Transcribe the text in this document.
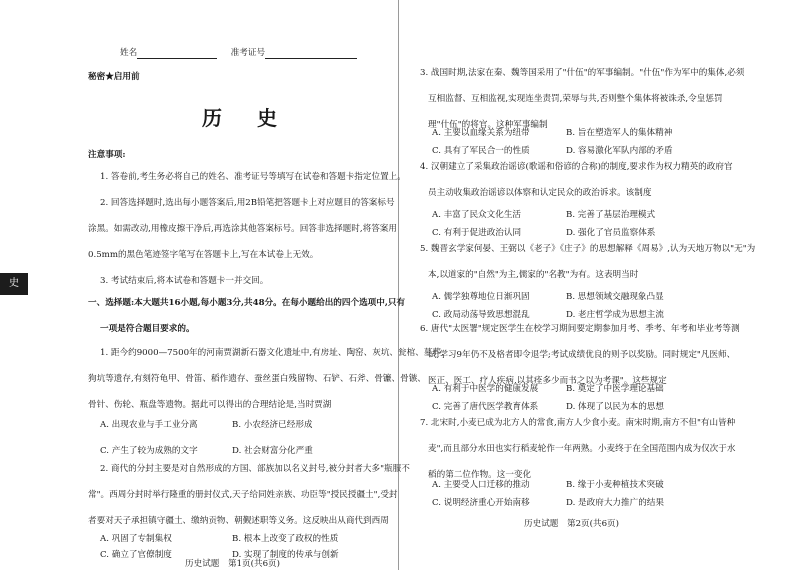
姓名	准考证号
秘密★启用前
历 史
史
注意事项:
1. 答卷前,考生务必将自己的姓名、准考证号等填写在试卷和答题卡指定位置上。
2. 回答选择题时,选出每小题答案后,用2B铅笔把答题卡上对应题目的答案标号
涂黑。如需改动,用橡皮擦干净后,再选涂其他答案标号。回答非选择题时,将答案用
0.5mm的黑色笔迹签字笔写在答题卡上,写在本试卷上无效。
3. 考试结束后,将本试卷和答题卡一并交回。
一、选择题:本大题共16小题,每小题3分,共48分。在每小题给出的四个选项中,只有
一项是符合题目要求的。
1. 距今约9000—7500年的河南贾湖新石器文化遗址中,有房址、陶窑、灰坑、瓮棺、墓葬,
狗坑等遗存,有刻符龟甲、骨笛、稻作遗存、蚕丝蛋白残留物、石铲、石斧、骨镰、骨镞、
骨针、伤轮、瓶盘等遗物。据此可以得出的合理结论是,当时贾湖
A. 出现农业与手工业分离	B. 小农经济已经形成
C. 产生了较为成熟的文字	D. 社会财富分化严重
2. 商代的分封主要是对自然形成的方国、部族加以名义封号,被分封者大多"瓶服不
常"。西周分封时举行隆重的册封仪式,天子给同姓亲族、功臣等"授民授疆土",受封
者要对天子承担镇守疆土、缴纳贡物、朝觐述职等义务。这反映出从商代到西周
A. 巩固了专制集权	B. 根本上改变了政权的性质
C. 确立了官僚制度	D. 实现了制度的传承与创新
历史试题　第1页(共6页)
3. 战国时期,法家在秦、魏等国采用了"什伍"的军事编制。"什伍"作为军中的集体,必须
互相监督、互相监视,实现连坐责罚,荣辱与共,否则整个集体将被诛杀,令皇惩罚
理"什伍"的将官。这种军事编制
A. 主要以血缘关系为纽带	B. 旨在塑造军人的集体精神
C. 具有了军民合一的性质	D. 容易激化军队内部的矛盾
4. 汉朝建立了采集政治谣谚(歌谣和俗谚的合称)的制度,要求作为权力精英的政府官
员主动收集政治谣谚以体察和认定民众的政治诉求。该制度
A. 丰富了民众文化生活	B. 完善了基层治理模式
C. 有利于促进政治认同	D. 强化了官员监察体系
5. 魏晋玄学家何晏、王弼以《老子》《庄子》的思想解释《周易》,认为天地万物以"无"为
本,以道家的"自然"为主,儒家的"名教"为有。这表明当时
A. 儒学独尊地位日渐巩固	B. 思想领域交融现象凸显
C. 政局动荡导致思想混乱	D. 老庄哲学成为思想主流
6. 唐代"太医署"规定医学生在校学习期间要定期参加月考、季考、年考和毕业考等测
试,学习9年仍不及格者即令退学;考试成绩优良的则予以奖励。同时规定"凡医师、
医正、医工、疗人疾病,以其痊多少而书之以为考课"。这些规定
A. 有利于中医学的健康发展	B. 奠定了中医学理论基础
C. 完善了唐代医学教育体系	D. 体现了以民为本的思想
7. 北宋时,小麦已成为北方人的常食,南方人少食小麦。南宋时期,南方不但"有山皆种
麦",而且部分水田也实行稻麦轮作一年两熟。小麦终于在全国范围内成为仅次于水
稻的第二位作物。这一变化
A. 主要受人口迁移的推动	B. 缘于小麦种植技术突破
C. 说明经济重心开始南移	D. 是政府大力推广的结果
历史试题　第2页(共6页)
